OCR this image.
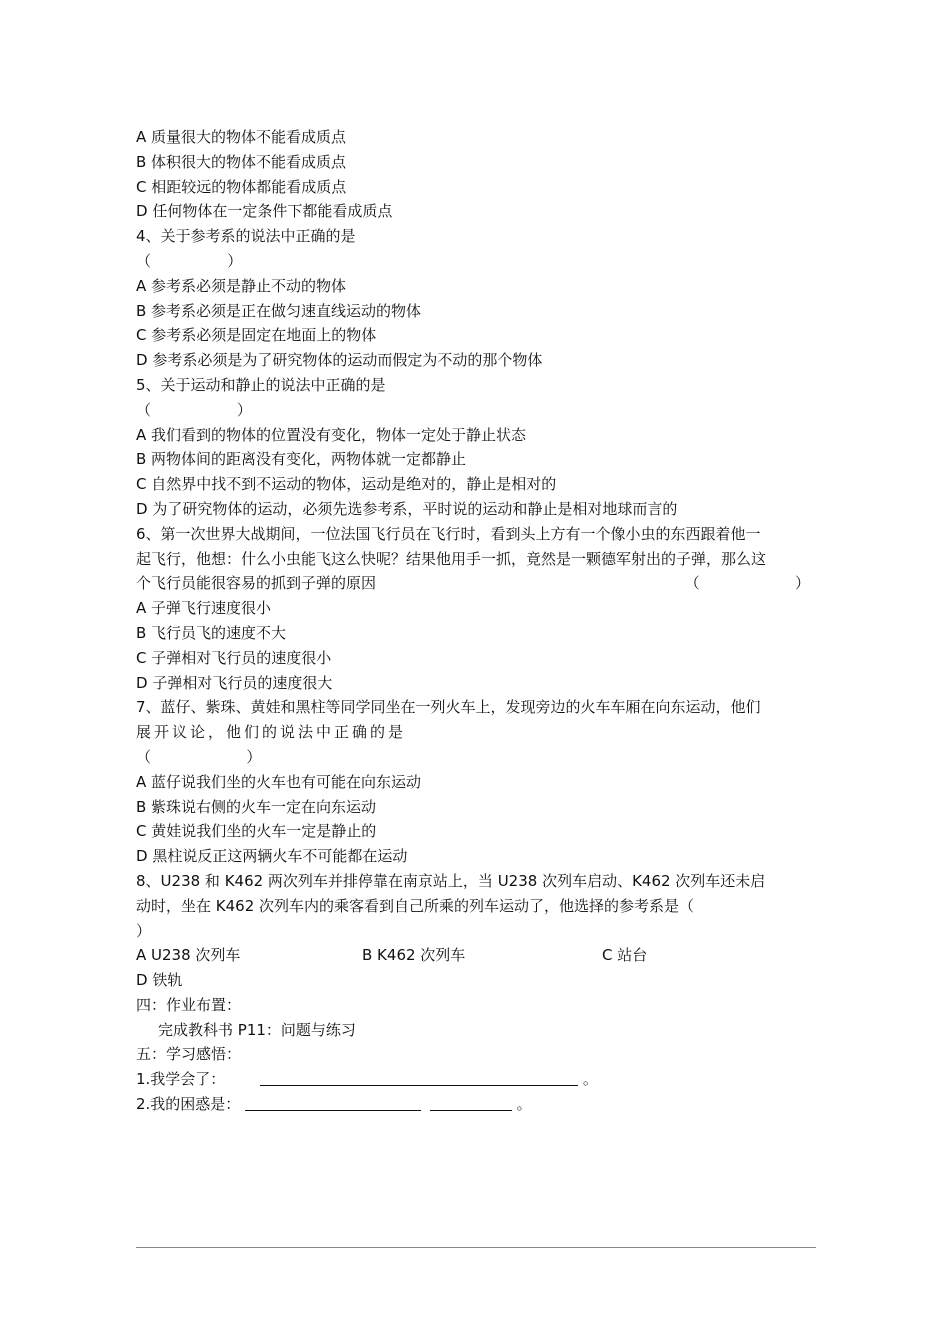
A 质量很大的物体不能看成质点
B 体积很大的物体不能看成质点
C 相距较远的物体都能看成质点
D 任何物体在一定条件下都能看成质点
4、关于参考系的说法中正确的是
（                ）
A 参考系必须是静止不动的物体
B 参考系必须是正在做匀速直线运动的物体
C 参考系必须是固定在地面上的物体
D 参考系必须是为了研究物体的运动而假定为不动的那个物体
5、关于运动和静止的说法中正确的是
（                  ）
A 我们看到的物体的位置没有变化，物体一定处于静止状态
B 两物体间的距离没有变化，两物体就一定都静止
C 自然界中找不到不运动的物体，运动是绝对的，静止是相对的
D 为了研究物体的运动，必须先选参考系，平时说的运动和静止是相对地球而言的
6、第一次世界大战期间，一位法国飞行员在飞行时，看到头上方有一个像小虫的东西跟着他一
起飞行，他想：什么小虫能飞这么快呢？结果他用手一抓，竟然是一颗德军射出的子弹，那么这
个飞行员能很容易的抓到子弹的原因	（                    ）
A 子弹飞行速度很小
B 飞行员飞的速度不大
C 子弹相对飞行员的速度很小
D 子弹相对飞行员的速度很大
7、蓝仔、紫珠、黄娃和黑柱等同学同坐在一列火车上，发现旁边的火车车厢在向东运动，他们
展开议论，他们的说法中正确的是
（                    ）
A 蓝仔说我们坐的火车也有可能在向东运动
B 紫珠说右侧的火车一定在向东运动
C 黄娃说我们坐的火车一定是静止的
D 黑柱说反正这两辆火车不可能都在运动
8、U238 和 K462 两次列车并排停靠在南京站上，当 U238 次列车启动、K462 次列车还未启
动时，坐在 K462 次列车内的乘客看到自己所乘的列车运动了，他选择的参考系是（
）
A U238 次列车	B K462 次列车	C 站台
D 铁轨
四：作业布置：
完成教科书 P11：问题与练习
五：学习感悟：
1.我学会了：	。
2.我的困惑是：	。
